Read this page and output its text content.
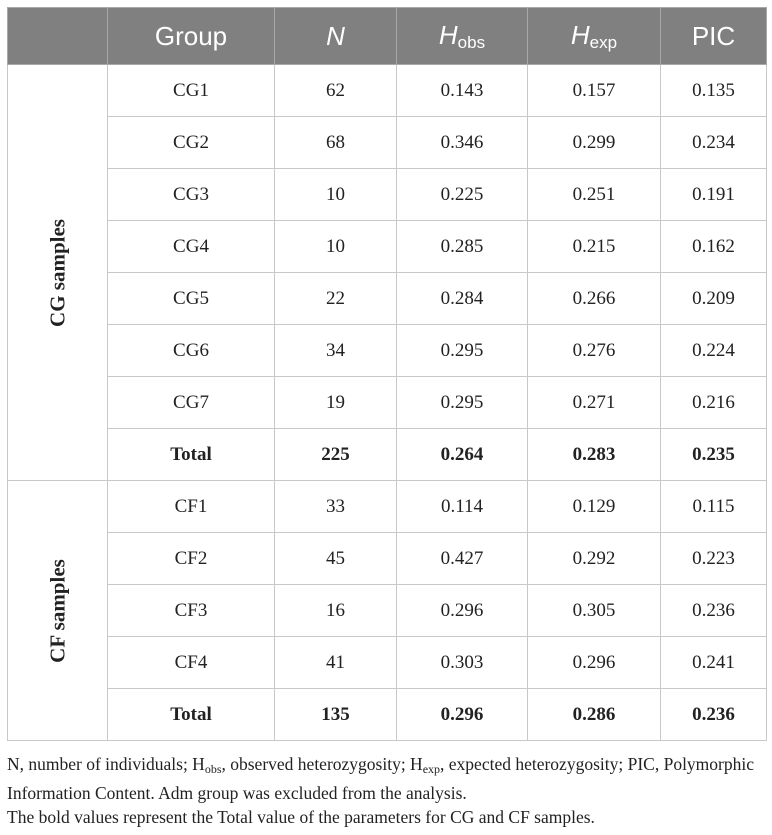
	Group	N	$H_{obs}$	$H_{exp}$	PIC

CG samples	CG1	62	0.143	0.157	0.135
	CG2	68	0.346	0.299	0.234
	CG3	10	0.225	0.251	0.191
	CG4	10	0.285	0.215	0.162
	CG5	22	0.284	0.266	0.209
	CG6	34	0.295	0.276	0.224
	CG7	19	0.295	0.271	0.216
	Total	225	0.264	0.283	0.235

CF samples	CF1	33	0.114	0.129	0.115
	CF2	45	0.427	0.292	0.223
	CF3	16	0.296	0.305	0.236
	CF4	41	0.303	0.296	0.241
	Total	135	0.296	0.286	0.236

N, number of individuals; $H_{obs}$, observed heterozygosity; $H_{exp}$, expected heterozygosity; PIC, Polymorphic Information Content. Adm group was excluded from the analysis.

The bold values represent the Total value of the parameters for CG and CF samples.
